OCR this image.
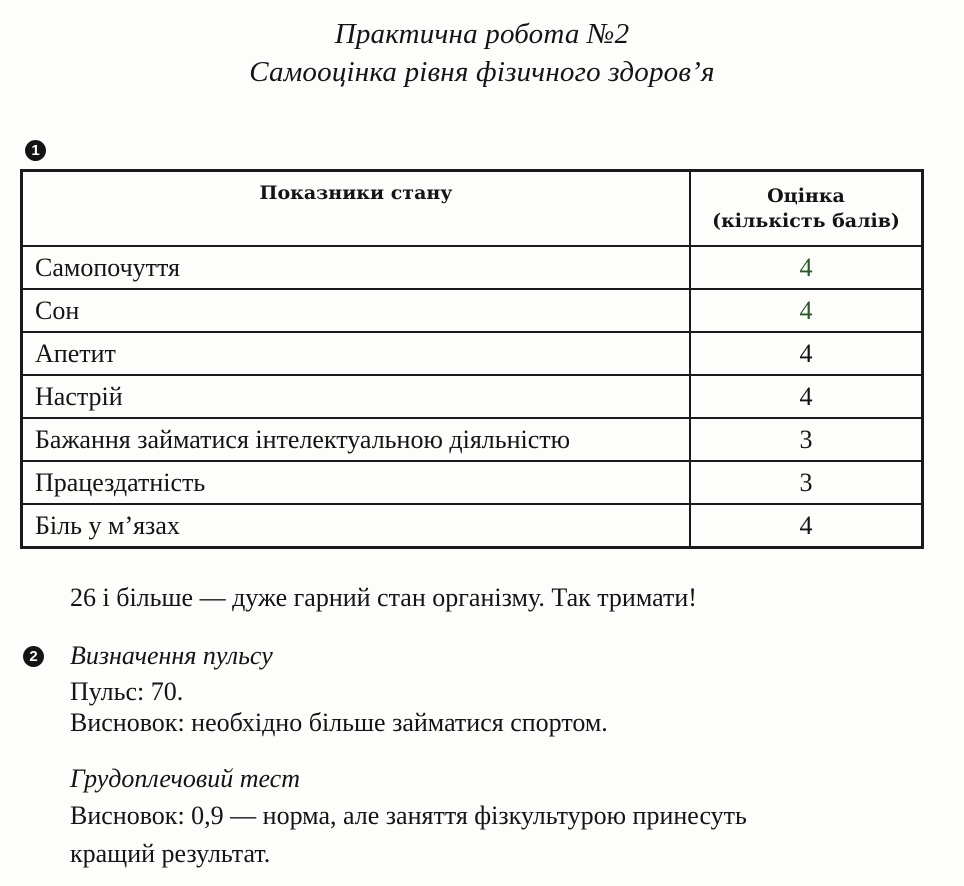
Практична робота №2
Самооцінка рівня фізичного здоров’я
1
Показники стану	Оцінка
(кількість балів)

Самопочуття	4
Сон	4
Апетит	4
Настрій	4
Бажання займатися інтелектуальною діяльністю	3
Працездатність	3
Біль у м’язах	4
26 і більше — дуже гарний стан організму. Так тримати!
2 Визначення пульсу
Пульс: 70.
Висновок: необхідно більше займатися спортом.
Грудоплечовий тест
Висновок: 0,9 — норма, але заняття фізкультурою принесуть
кращий результат.
